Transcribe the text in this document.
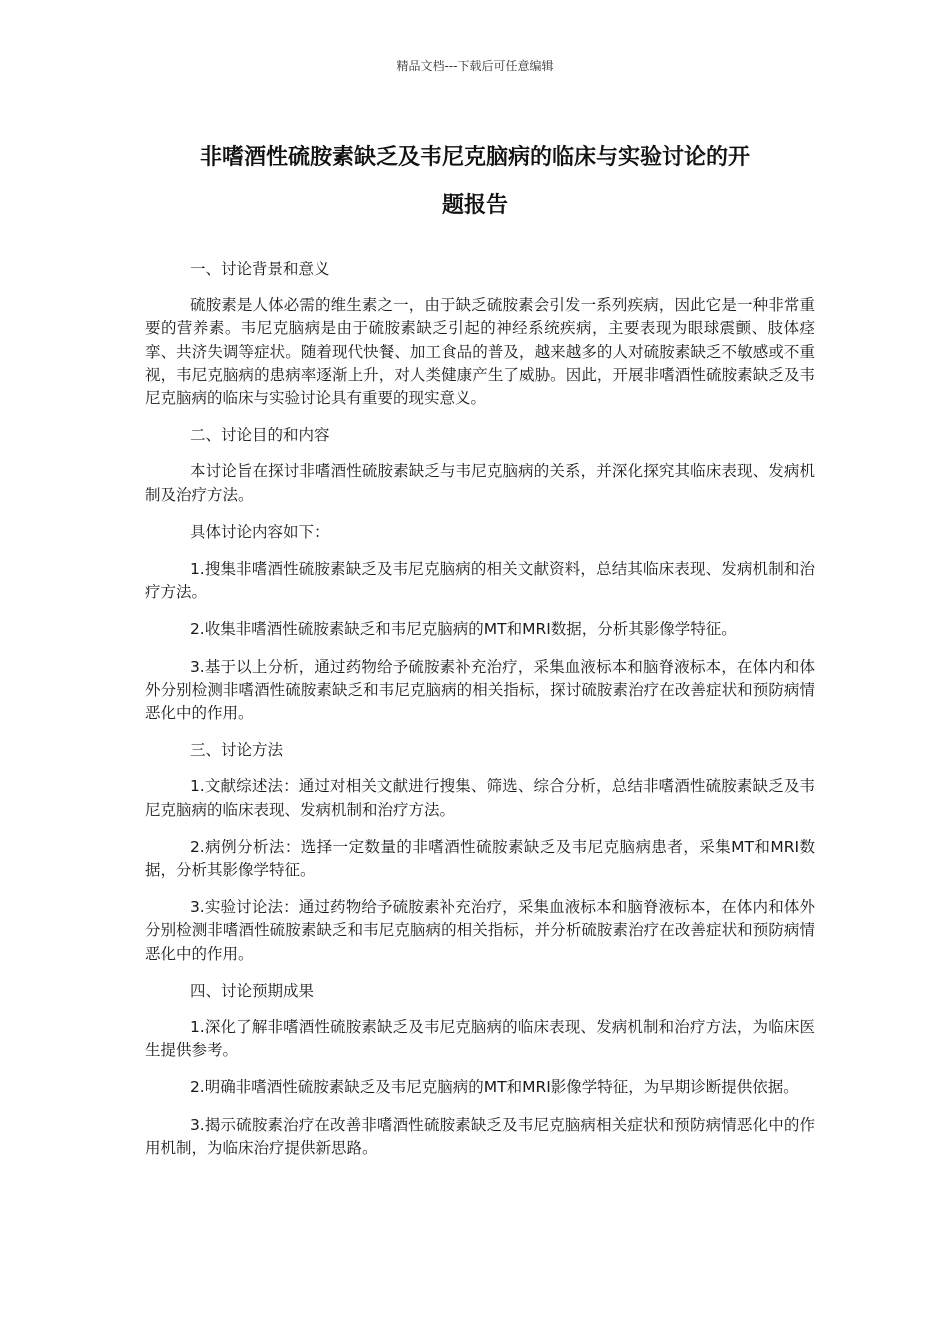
精品文档---下载后可任意编辑
非嗜酒性硫胺素缺乏及韦尼克脑病的临床与实验讨论的开
题报告

一、讨论背景和意义

硫胺素是人体必需的维生素之一，由于缺乏硫胺素会引发一系列疾病，因此它是一种非常重要的营养素。韦尼克脑病是由于硫胺素缺乏引起的神经系统疾病，主要表现为眼球震颤、肢体痉挛、共济失调等症状。随着现代快餐、加工食品的普及，越来越多的人对硫胺素缺乏不敏感或不重视，韦尼克脑病的患病率逐渐上升，对人类健康产生了威胁。因此，开展非嗜酒性硫胺素缺乏及韦尼克脑病的临床与实验讨论具有重要的现实意义。

二、讨论目的和内容

本讨论旨在探讨非嗜酒性硫胺素缺乏与韦尼克脑病的关系，并深化探究其临床表现、发病机制及治疗方法。

具体讨论内容如下：

1.搜集非嗜酒性硫胺素缺乏及韦尼克脑病的相关文献资料，总结其临床表现、发病机制和治疗方法。

2.收集非嗜酒性硫胺素缺乏和韦尼克脑病的MT和MRI数据，分析其影像学特征。

3.基于以上分析，通过药物给予硫胺素补充治疗，采集血液标本和脑脊液标本，在体内和体外分别检测非嗜酒性硫胺素缺乏和韦尼克脑病的相关指标，探讨硫胺素治疗在改善症状和预防病情恶化中的作用。

三、讨论方法

1.文献综述法：通过对相关文献进行搜集、筛选、综合分析，总结非嗜酒性硫胺素缺乏及韦尼克脑病的临床表现、发病机制和治疗方法。

2.病例分析法：选择一定数量的非嗜酒性硫胺素缺乏及韦尼克脑病患者，采集MT和MRI数据，分析其影像学特征。

3.实验讨论法：通过药物给予硫胺素补充治疗，采集血液标本和脑脊液标本，在体内和体外分别检测非嗜酒性硫胺素缺乏和韦尼克脑病的相关指标，并分析硫胺素治疗在改善症状和预防病情恶化中的作用。

四、讨论预期成果

1.深化了解非嗜酒性硫胺素缺乏及韦尼克脑病的临床表现、发病机制和治疗方法，为临床医生提供参考。

2.明确非嗜酒性硫胺素缺乏及韦尼克脑病的MT和MRI影像学特征，为早期诊断提供依据。

3.揭示硫胺素治疗在改善非嗜酒性硫胺素缺乏及韦尼克脑病相关症状和预防病情恶化中的作用机制，为临床治疗提供新思路。
